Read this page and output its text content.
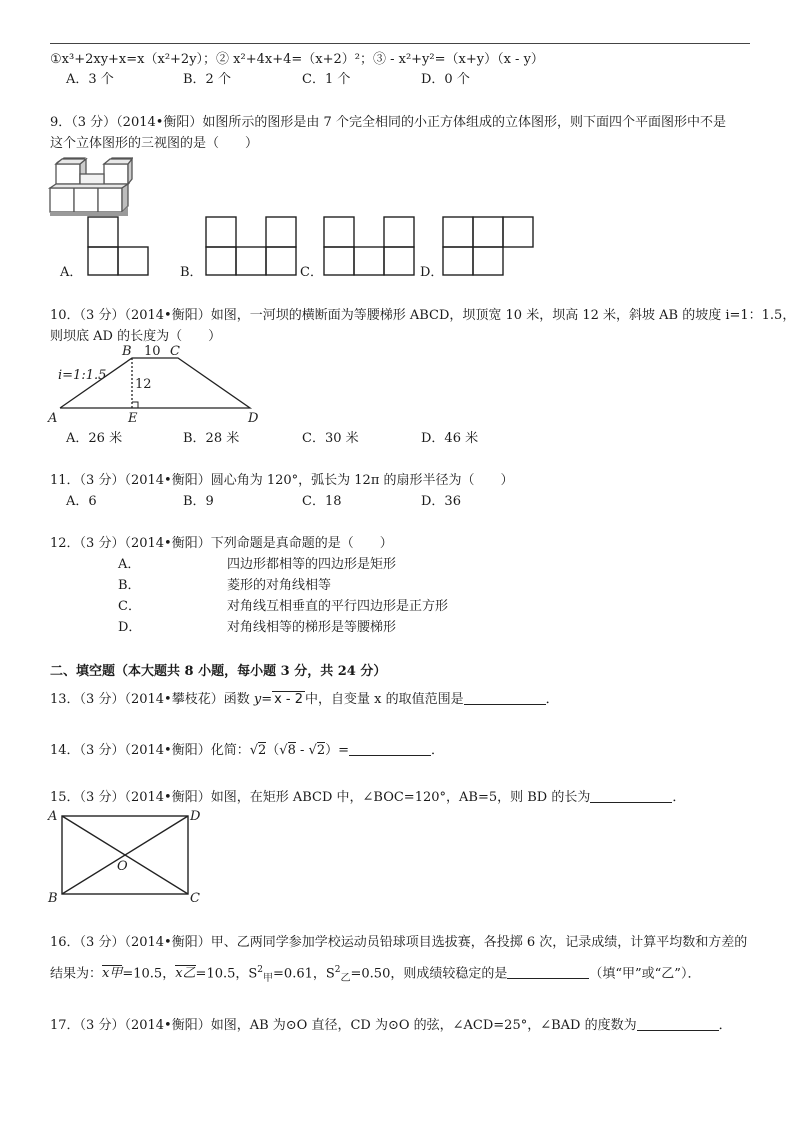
①x³+2xy+x=x（x²+2y）；② x²+4x+4=（x+2）²；③ - x²+y²=（x+y）（x - y）
A．3 个	B．2 个	C．1 个	D．0 个
9．（3 分）（2014•衡阳）如图所示的图形是由 7 个完全相同的小正方体组成的立体图形，则下面四个平面图形中不是
这个立体图形的三视图的是（　　）
A．	B．	C．	D．
10．（3 分）（2014•衡阳）如图，一河坝的横断面为等腰梯形 ABCD，坝顶宽 10 米，坝高 12 米，斜坡 AB 的坡度 i=1：1.5，
则坝底 AD 的长度为（　　）
B 10 C
12
i=1:1.5
A	E	D
A．26 米	B．28 米	C．30 米	D．46 米
11．（3 分）（2014•衡阳）圆心角为 120°，弧长为 12π 的扇形半径为（　　）
A．6	B．9	C．18	D．36
12．（3 分）（2014•衡阳）下列命题是真命题的是（　　）
A．	四边形都相等的四边形是矩形
B．	菱形的对角线相等
C．	对角线互相垂直的平行四边形是正方形
D．	对角线相等的梯形是等腰梯形
二、填空题（本大题共 8 小题，每小题 3 分，共 24 分）
13．（3 分）（2014•攀枝花）函数 y= x - 2 中，自变量 x 的取值范围是	．
14．（3 分）（2014•衡阳）化简：√2（√8 - √2）=	．
15．（3 分）（2014•衡阳）如图，在矩形 ABCD 中，∠BOC=120°，AB=5，则 BD 的长为	．
A	D
B	C
O
16．（3 分）（2014•衡阳）甲、乙两同学参加学校运动员铅球项目选拔赛，各投掷 6 次，记录成绩，计算平均数和方差的
结果为：x甲=10.5，x乙=10.5，$S^2_甲=0.61$，$S^2_乙=0.50$，则成绩较稳定的是	（填“甲”或“乙”）．
17．（3 分）（2014•衡阳）如图，AB 为⊙O 直径，CD 为⊙O 的弦，∠ACD=25°，∠BAD 的度数为	．
